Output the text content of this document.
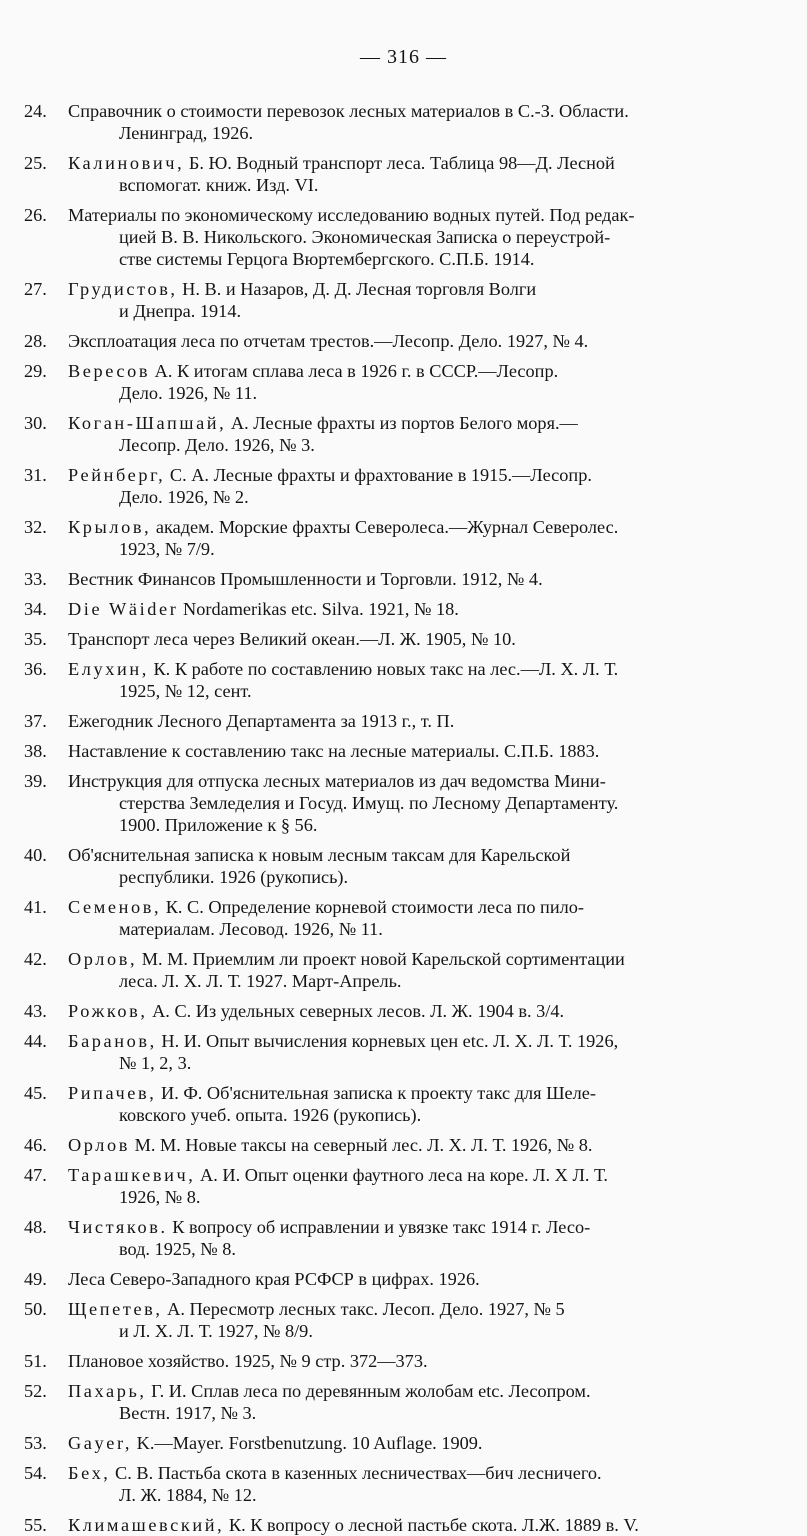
— 316 —
24.	Справочник о стоимости перевозок лесных материалов в С.-З. Области.
Ленинград, 1926.
25.	Калинович, Б. Ю. Водный транспорт леса. Таблица 98—Д. Лесной
вспомогат. книж. Изд. VI.
26.	Материалы по экономическому исследованию водных путей. Под редак-
цией В. В. Никольского. Экономическая Записка о переустрой-
стве системы Герцога Вюртембергского. С.П.Б. 1914.
27.	Грудистов, Н. В. и Назаров, Д. Д. Лесная торговля Волги
и Днепра. 1914.
28.	Эксплоатация леса по отчетам трестов.—Лесопр. Дело. 1927, № 4.
29.	Вересов А. К итогам сплава леса в 1926 г. в СССР.—Лесопр.
Дело. 1926, № 11.
30.	Коган-Шапшай, А. Лесные фрахты из портов Белого моря.—
Лесопр. Дело. 1926, № 3.
31.	Рейнберг, С. А. Лесные фрахты и фрахтование в 1915.—Лесопр.
Дело. 1926, № 2.
32.	Крылов, академ. Морские фрахты Северолеса.—Журнал Северолес.
1923, № 7/9.
33.	Вестник Финансов Промышленности и Торговли. 1912, № 4.
34.	Die Wäider Nordamerikas etc. Silva. 1921, № 18.
35.	Транспорт леса через Великий океан.—Л. Ж. 1905, № 10.
36.	Елухин, К. К работе по составлению новых такс на лес.—Л. Х. Л. Т.
1925, № 12, сент.
37.	Ежегодник Лесного Департамента за 1913 г., т. П.
38.	Наставление к составлению такс на лесные материалы. С.П.Б. 1883.
39.	Инструкция для отпуска лесных материалов из дач ведомства Мини-
стерства Земледелия и Госуд. Имущ. по Лесному Департаменту.
1900. Приложение к § 56.
40.	Об'яснительная записка к новым лесным таксам для Карельской
республики. 1926 (рукопись).
41.	Семенов, К. С. Определение корневой стоимости леса по пило-
материалам. Лесовод. 1926, № 11.
42.	Орлов, М. М. Приемлим ли проект новой Карельской сортиментации
леса. Л. Х. Л. Т. 1927. Март-Апрель.
43.	Рожков, А. С. Из удельных северных лесов. Л. Ж. 1904 в. 3/4.
44.	Баранов, Н. И. Опыт вычисления корневых цен etc. Л. Х. Л. Т. 1926,
№ 1, 2, 3.
45.	Рипачев, И. Ф. Об'яснительная записка к проекту такс для Шеле-
ковского учеб. опыта. 1926 (рукопись).
46.	Орлов М. М. Новые таксы на северный лес. Л. Х. Л. Т. 1926, № 8.
47.	Тарашкевич, А. И. Опыт оценки фаутного леса на коре. Л. Х Л. Т.
1926, № 8.
48.	Чистяков. К вопросу об исправлении и увязке такс 1914 г. Лесо-
вод. 1925, № 8.
49.	Леса Северо-Западного края РСФСР в цифрах. 1926.
50.	Щепетев, А. Пересмотр лесных такс. Лесоп. Дело. 1927, № 5
и Л. Х. Л. Т. 1927, № 8/9.
51.	Плановое хозяйство. 1925, № 9 стр. 372—373.
52.	Пахарь, Г. И. Сплав леса по деревянным жолобам etc. Лесопром.
Вестн. 1917, № 3.
53.	Gayer, K.—Mayer. Forstbenutzung. 10 Auflage. 1909.
54.	Бех, С. В. Пастьба скота в казенных лесничествах—бич лесничего.
Л. Ж. 1884, № 12.
55.	Климашевский, К. К вопросу о лесной пастьбе скота. Л.Ж. 1889 в. V.
